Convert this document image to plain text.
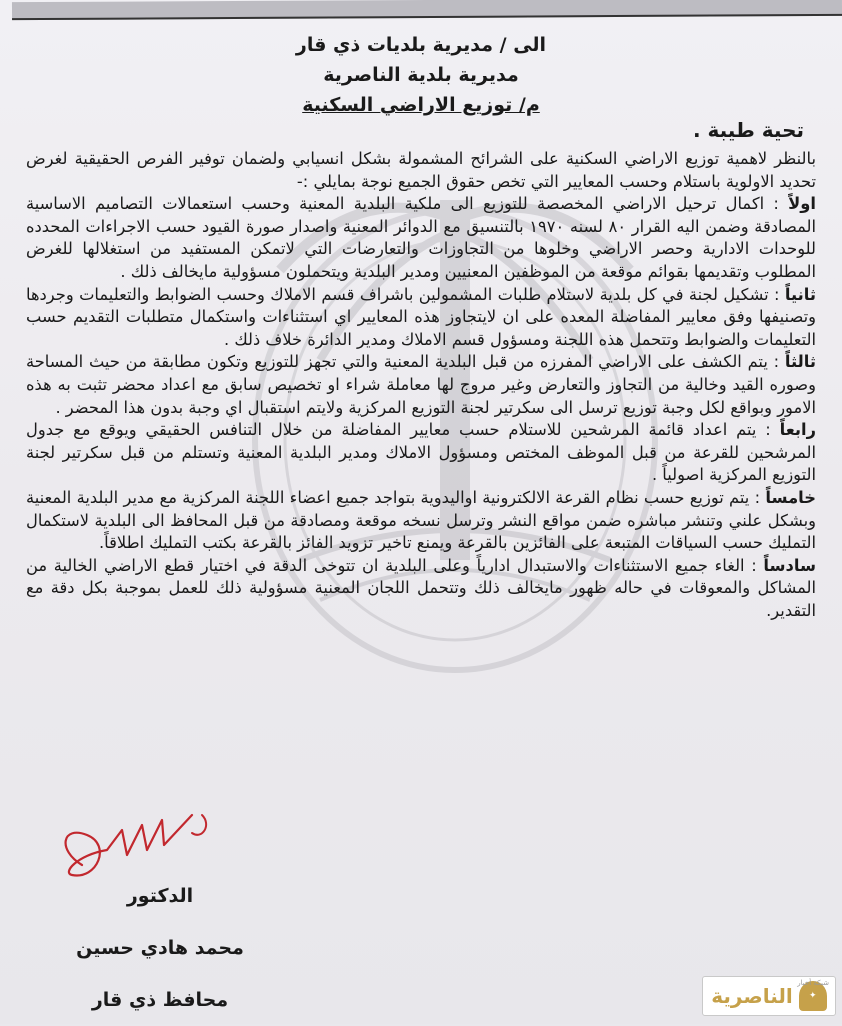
الى / مديرية بلديات ذي قار
مديرية بلدية الناصرية
م/ توزيع الاراضي السكنية
تحية طيبة .

بالنظر لاهمية توزيع الاراضي السكنية على الشرائح المشمولة بشكل انسيابي ولضمان توفير الفرص الحقيقية لغرض تحديد الاولوية باستلام وحسب المعايير التي تخص حقوق الجميع نوجة بمايلي :-

اولاً : اكمال ترحيل الاراضي المخصصة للتوزيع الى ملكية البلدية المعنية وحسب استعمالات التصاميم الاساسية المصادقة وضمن اليه القرار ٨٠ لسنه ١٩٧٠ بالتنسيق مع الدوائر المعنية واصدار صورة القيود حسب الاجراءات المحدده للوحدات الادارية وحصر الاراضي وخلوها من التجاوزات والتعارضات التي لاتمكن المستفيد من استغلالها للغرض المطلوب وتقديمها بقوائم موقعة من الموظفين المعنيين ومدير البلدية ويتحملون مسؤولية مايخالف ذلك .

ثانياً : تشكيل لجنة في كل بلدية لاستلام طلبات المشمولين باشراف قسم الاملاك وحسب الضوابط والتعليمات وجردها وتصنيفها وفق معايير المفاضلة المعده على ان لايتجاوز هذه المعايير اي استثناءات واستكمال متطلبات التقديم حسب التعليمات والضوابط وتتحمل هذه اللجنة ومسؤول قسم الاملاك ومدير الدائرة خلاف ذلك .

ثالثاً : يتم الكشف على الاراضي المفرزه من قبل البلدية المعنية والتي تجهز للتوزيع وتكون مطابقة من حيث المساحة وصوره القيد وخالية من التجاوز والتعارض وغير مروج لها معاملة شراء او تخصيص سابق مع اعداد محضر تثبت به هذه الامور وبواقع لكل وجبة توزيع ترسل الى سكرتير لجنة التوزيع المركزية ولايتم استقبال اي وجبة بدون هذا المحضر .

رابعاً : يتم اعداد قائمة المرشحين للاستلام حسب معايير المفاضلة من خلال التنافس الحقيقي ويوقع مع جدول المرشحين للقرعة من قبل الموظف المختص ومسؤول الاملاك ومدير البلدية المعنية وتستلم من قبل سكرتير لجنة التوزيع المركزية اصولياً .

خامساً : يتم توزيع حسب نظام القرعة الالكترونية اواليدوية بتواجد جميع اعضاء اللجنة المركزية مع مدير البلدية المعنية وبشكل علني وتنشر مباشره ضمن مواقع النشر وترسل نسخه موقعة ومصادقة من قبل المحافظ الى البلدية لاستكمال التمليك حسب السياقات المتبعة على الفائزين بالقرعة ويمنع تاخير تزويد الفائز بالقرعة بكتب التمليك اطلاقاً.

سادساً : الغاء جميع الاستثناءات والاستبدال ادارياً وعلى البلدية ان تتوخى الدقة في اختيار قطع الاراضي الخالية من المشاكل والمعوقات في حاله ظهور مايخالف ذلك وتتحمل اللجان المعنية مسؤولية ذلك للعمل بموجبة بكل دقة مع التقدير.

الدكتور
محمد هادي حسين
محافظ ذي قار
شبكة أخبار
✦
الناصرية
